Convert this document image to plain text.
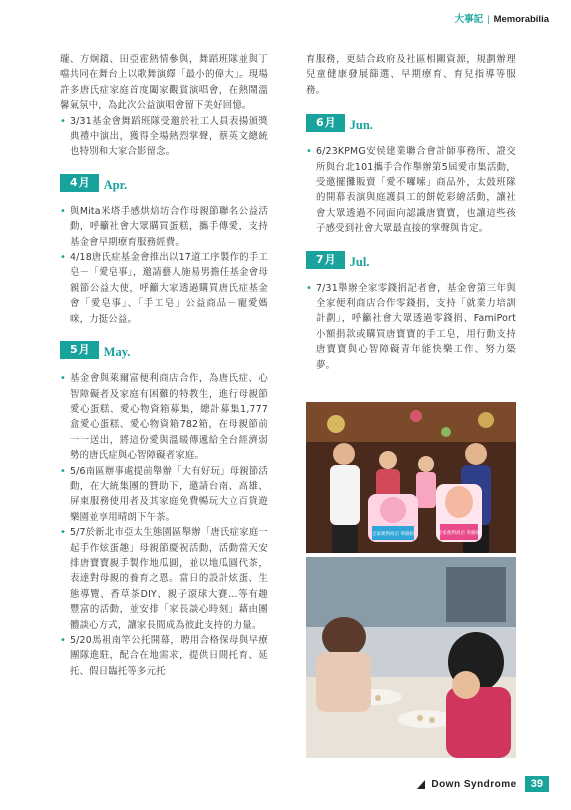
大事記 | Memorabilia

瓏、方炯鑌、田亞霍熱情參與，舞蹈班隊並與丁噹共同在舞台上以歌舞演繹「最小的偉大」。現場許多唐氏症家庭首度闔家觀賞演唱會，在熱鬧溫馨氣氛中，為此次公益演唱會留下美好回憶。

• 3/31基金會舞蹈班隊受邀於社工人員表揚頒獎典禮中演出，獲得全場熱烈掌聲，蔡英文總統也特別和大家合影留念。

4月	Apr.

• 與Mita米塔手感烘焙坊合作母親節聯名公益活動，呼籲社會大眾購買蛋糕，攜手傳愛，支持基金會早期療育服務經費。

• 4/18唐氏症基金會推出以17道工序製作的手工皂－「愛皂事」，邀請藝人施易男擔任基金會母親節公益大使，呼籲大家透過購買唐氏症基金會「愛皂事」、「手工皂」公益商品－寵愛媽咪，力挺公益。

5月	May.

• 基金會與萊爾富便利商店合作，為唐氏症、心智障礙者及家庭有困難的特教生，進行母親節愛心蛋糕、愛心物資箱募集，總計募集1,777盒愛心蛋糕、愛心物資箱782箱，在母親節前一一送出，將這份愛與溫暖傳遞給全台經濟弱勢的唐氏症與心智障礙者家庭。

• 5/6南區辦事處提前舉辦「大有好玩」母親節活動，在大統集團的贊助下，邀請台南、高雄、屏東服務使用者及其家庭免費暢玩大立百貨遊樂園並享用晴朗下午茶。

• 5/7於新北市亞太生態園區舉辦「唐氏症家庭一起手作炫蛋趣」母親節慶祝活動，活動當天安排唐寶寶親手製作地瓜圓，並以地瓜圓代茶，表達對母親的養育之恩。當日的設計炫蛋、生態導覽、香草茶DIY、親子滾球大賽…等有趣豐富的活動，並安排「家長談心時刻」藉由團體談心方式，讓家長間成為彼此支持的力量。

• 5/20馬祖南竿公托開幕，聘用合格保母與早療團隊進駐，配合在地需求，提供日間托育、延托、假日臨托等多元托

育服務，更結合政府及社區相關資源，規劃辦理兒童健康發展篩選、早期療育、育兒指導等服務。

6月	Jun.

• 6/23KPMG安侯建業聯合會計師事務所、證交所與台北101攜手合作舉辦第5屆愛市集活動，受邀擺攤販賣「愛不囉嗦」商品外，太鼓班隊的開幕表演與庭護員工的餅乾彩繪活動，讓社會大眾透過不同面向認識唐寶寶，也讓這些孩子感受到社會大眾最直接的掌聲與肯定。

7月	Jul.

• 7/31舉辦全家零錢捐記者會，基金會第三年與全家便利商店合作零錢捐，支持「就業力培訓計劃」，呼籲社會大眾透過零錢捐、FamiPort小額捐款或購買唐寶寶的手工皂，用行動支持唐寶寶與心智障礙青年能快樂工作、努力築夢。

全家便利商店 零錢捐	全家便利商店 零錢捐
Down Syndrome	39
